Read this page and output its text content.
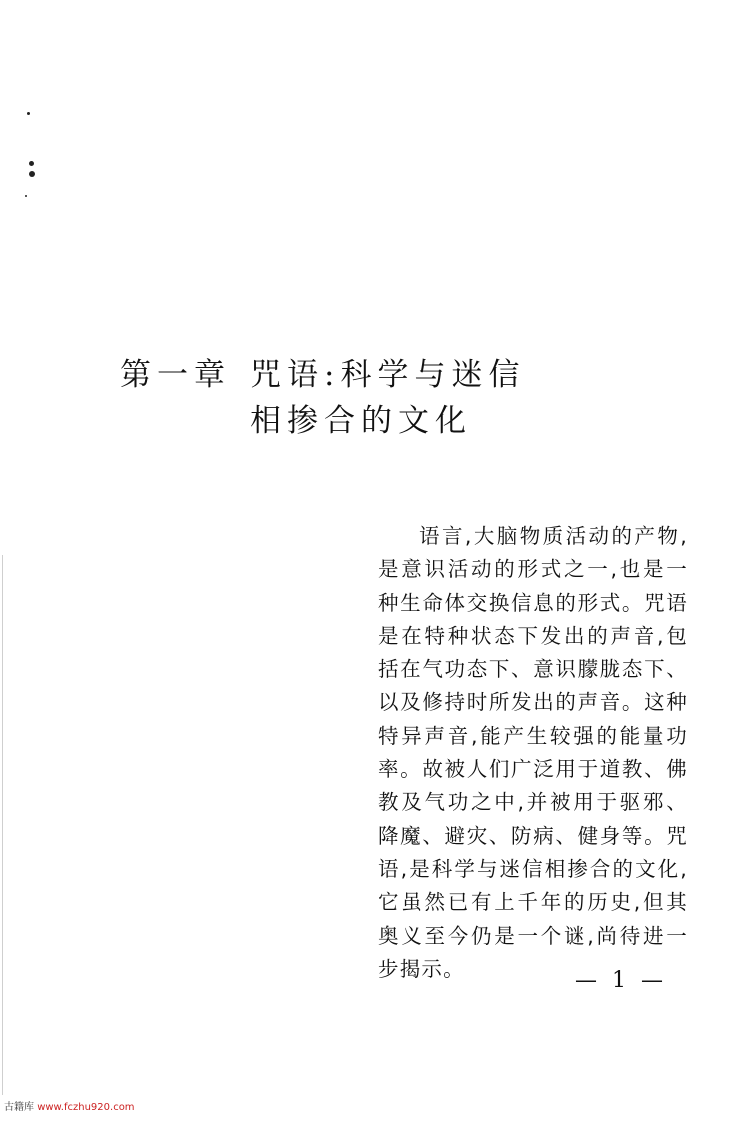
第一章 咒语:科学与迷信
相掺合的文化

语言,大脑物质活动的产物,是意识活动的形式之一,也是一种生命体交换信息的形式。咒语是在特种状态下发出的声音,包括在气功态下、意识朦胧态下、以及修持时所发出的声音。这种特异声音,能产生较强的能量功率。故被人们广泛用于道教、佛教及气功之中,并被用于驱邪、降魔、避灾、防病、健身等。咒语,是科学与迷信相掺合的文化,它虽然已有上千年的历史,但其奥义至今仍是一个谜,尚待进一步揭示。	— 1 —
古籍库 www.fczhu920.com
